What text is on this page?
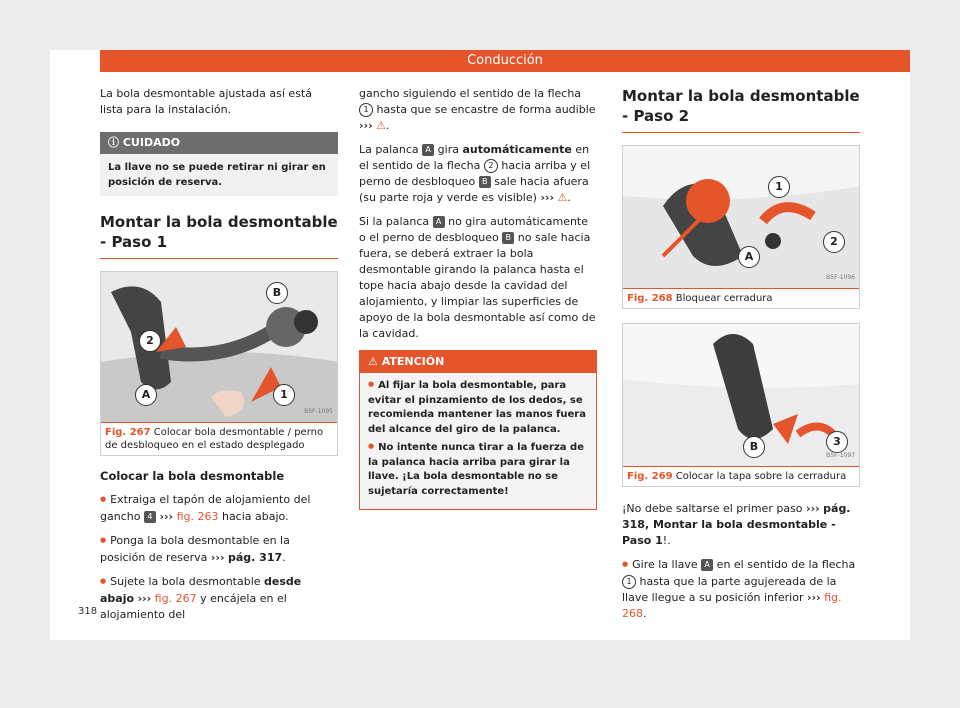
Conducción

La bola desmontable ajustada así está lista para la instalación.

ⓘ CUIDADO
La llave no se puede retirar ni girar en posición de reserva.
Montar la bola desmontable - Paso 1
B
2
A	1
B5F-1095
Fig. 267 Colocar bola desmontable / perno de desbloqueo en el estado desplegado

Colocar la bola desmontable

● Extraiga el tapón de alojamiento del gancho 4 ››› fig. 263 hacia abajo.

● Ponga la bola desmontable en la posición de reserva ››› pág. 317.

● Sujete la bola desmontable desde abajo ››› fig. 267 y encájela en el alojamiento del

gancho siguiendo el sentido de la flecha 1 hasta que se encastre de forma audible ››› ⚠.

La palanca A gira automáticamente en el sentido de la flecha 2 hacia arriba y el perno de desbloqueo B sale hacia afuera (su parte roja y verde es visible) ››› ⚠.

Si la palanca A no gira automáticamente o el perno de desbloqueo B no sale hacia fuera, se deberá extraer la bola desmontable girando la palanca hasta el tope hacia abajo desde la cavidad del alojamiento, y limpiar las superficies de apoyo de la bola desmontable así como de la cavidad.

⚠ ATENCIÓN
● Al fijar la bola desmontable, para evitar el pinzamiento de los dedos, se recomienda mantener las manos fuera del alcance del giro de la palanca.
● No intente nunca tirar a la fuerza de la palanca hacia arriba para girar la llave. ¡La bola desmontable no se sujetaría correctamente!
Montar la bola desmontable - Paso 2
1
2
A
B5F-1096
Fig. 268 Bloquear cerradura
B	3
B5F-1097
Fig. 269 Colocar la tapa sobre la cerradura

¡No debe saltarse el primer paso ››› pág. 318, Montar la bola desmontable - Paso 1!.

● Gire la llave A en el sentido de la flecha 1 hasta que la parte agujereada de la llave llegue a su posición inferior ››› fig. 268.

318
